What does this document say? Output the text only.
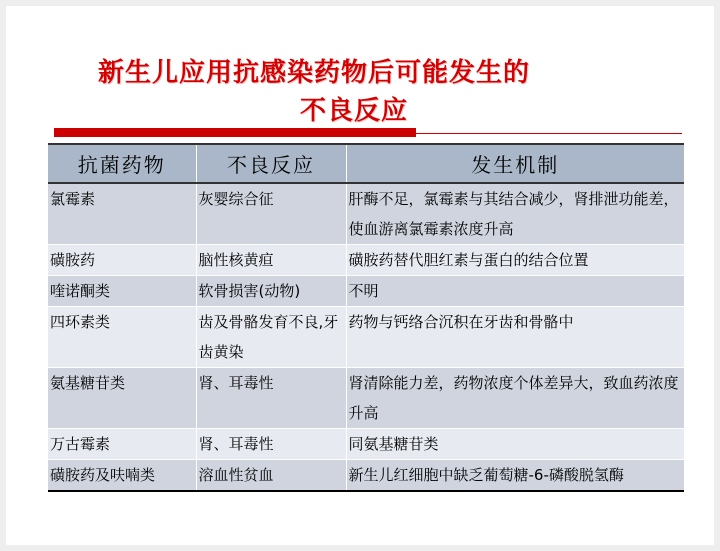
新生儿应用抗感染药物后可能发生的
不良反应
抗菌药物	不良反应	发生机制
氯霉素	灰婴综合征	肝酶不足，氯霉素与其结合减少，肾排泄功能差，使血游离氯霉素浓度升高
磺胺药	脑性核黄疸	磺胺药替代胆红素与蛋白的结合位置
喹诺酮类	软骨损害(动物)	不明
四环素类	齿及骨骼发育不良,牙齿黄染	药物与钙络合沉积在牙齿和骨骼中
氨基糖苷类	肾、耳毒性	肾清除能力差，药物浓度个体差异大，致血药浓度升高
万古霉素	肾、耳毒性	同氨基糖苷类
磺胺药及呋喃类	溶血性贫血	新生儿红细胞中缺乏葡萄糖-6-磷酸脱氢酶
